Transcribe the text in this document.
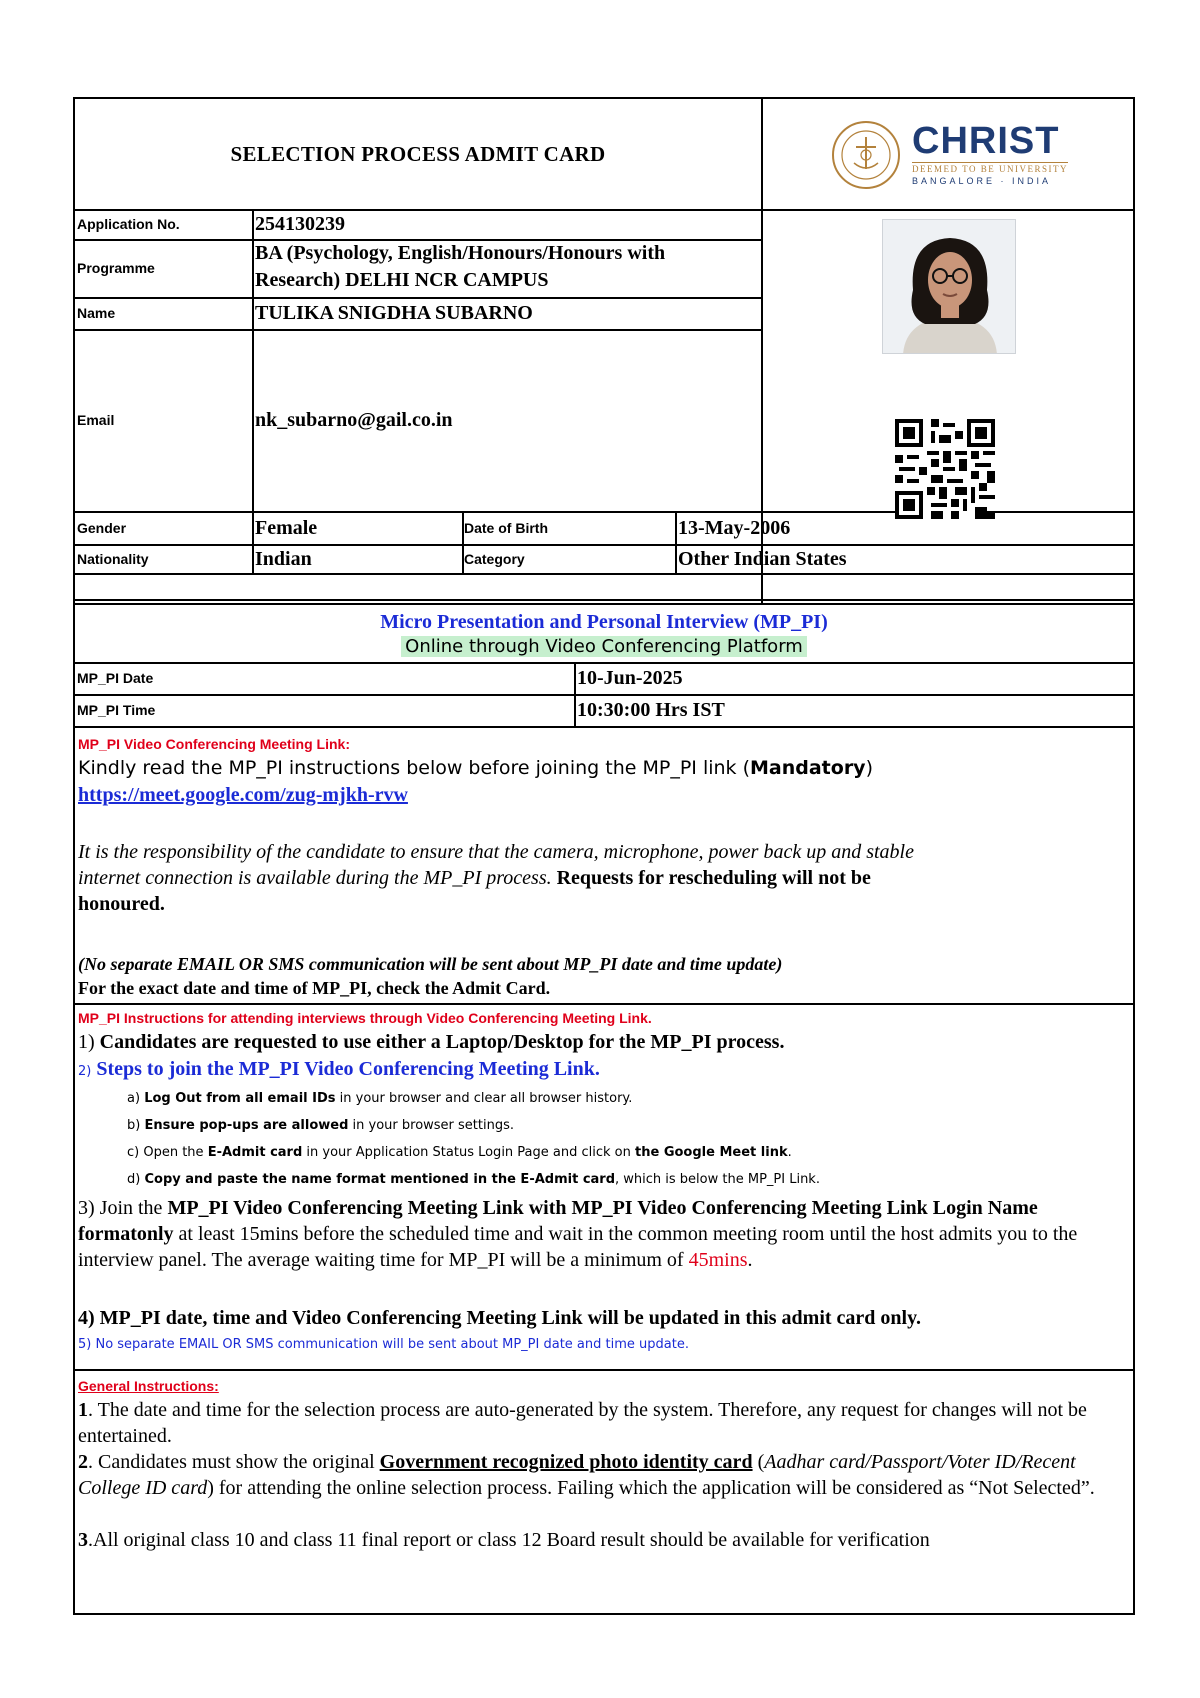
SELECTION PROCESS ADMIT CARD	CHRIST
DEEMED TO BE UNIVERSITY
BANGALORE · INDIA
Application No.	254130239
Programme
BA (Psychology, English/Honours/Honours with
Research) DELHI NCR CAMPUS
Name	TULIKA SNIGDHA SUBARNO
Email	nk_subarno@gail.co.in
Gender	Female	Date of Birth	13-May-2006
Nationality	Indian	Category	Other Indian States
Micro Presentation and Personal Interview (MP_PI)
Online through Video Conferencing Platform
MP_PI Date	10-Jun-2025
MP_PI Time	10:30:00 Hrs IST
MP_PI Video Conferencing Meeting Link:
Kindly read the MP_PI instructions below before joining the MP_PI link (Mandatory)
https://meet.google.com/zug-mjkh-rvw
It is the responsibility of the candidate to ensure that the camera, microphone, power back up and stable
internet connection is available during the MP_PI process. Requests for rescheduling will not be
honoured.
(No separate EMAIL OR SMS communication will be sent about MP_PI date and time update)
For the exact date and time of MP_PI, check the Admit Card.
MP_PI Instructions for attending interviews through Video Conferencing Meeting Link.
1) Candidates are requested to use either a Laptop/Desktop for the MP_PI process.
2) Steps to join the MP_PI Video Conferencing Meeting Link.
a) Log Out from all email IDs in your browser and clear all browser history.
b) Ensure pop-ups are allowed in your browser settings.
c) Open the E-Admit card in your Application Status Login Page and click on the Google Meet link.
d) Copy and paste the name format mentioned in the E-Admit card, which is below the MP_PI Link.
3) Join the MP_PI Video Conferencing Meeting Link with MP_PI Video Conferencing Meeting Link Login Name formatonly at least 15mins before the scheduled time and wait in the common meeting room until the host admits you to the interview panel. The average waiting time for MP_PI will be a minimum of 45mins.
4) MP_PI date, time and Video Conferencing Meeting Link will be updated in this admit card only.
5) No separate EMAIL OR SMS communication will be sent about MP_PI date and time update.
General Instructions:
1. The date and time for the selection process are auto-generated by the system. Therefore, any request for changes will not be entertained.
2. Candidates must show the original Government recognized photo identity card (Aadhar card/Passport/Voter ID/Recent College ID card) for attending the online selection process. Failing which the application will be considered as “Not Selected”.
3.All original class 10 and class 11 final report or class 12 Board result should be available for verification
